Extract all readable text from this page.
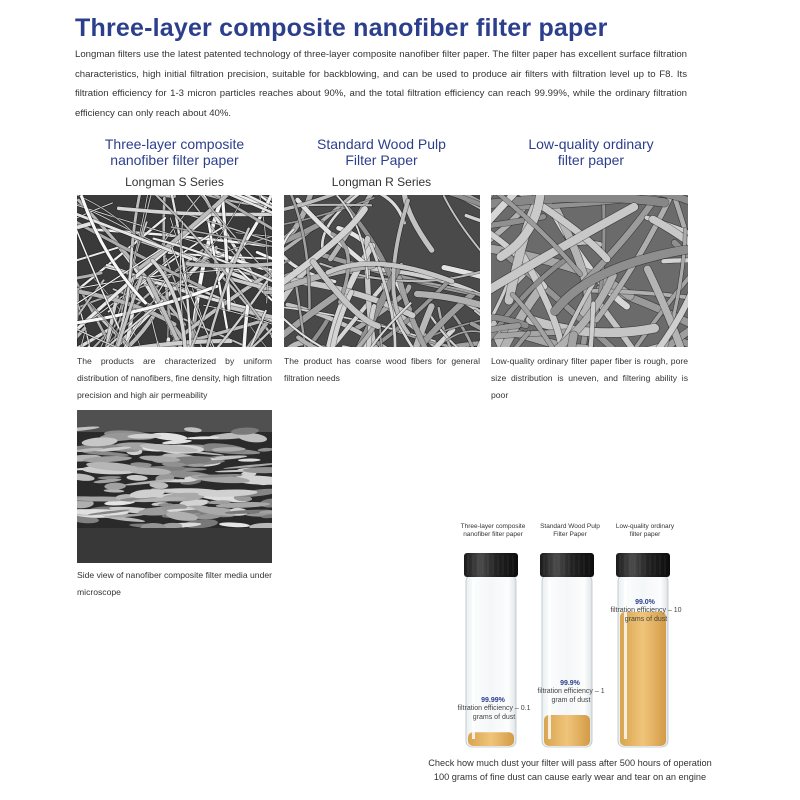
Three-layer composite nanofiber filter paper
Longman filters use the latest patented technology of three-layer composite nanofiber filter paper. The filter paper has excellent surface filtration characteristics, high initial filtration precision, suitable for backblowing, and can be used to produce air filters with filtration level up to F8. Its filtration efficiency for 1-3 micron particles reaches about 90%, and the total filtration efficiency can reach 99.99%, while the ordinary filtration efficiency can only reach about 40%.
Three-layer composite
nanofiber filter paper
Longman S Series
Standard Wood Pulp
Filter Paper
Longman R Series
Low-quality ordinary
filter paper
The products are characterized by uniform distribution of nanofibers, fine density, high filtration precision and high air permeability
The product has coarse wood fibers for general filtration needs
Low-quality ordinary filter paper fiber is rough, pore size distribution is uneven, and filtering ability is poor
Side view of nanofiber composite filter media under microscope
Three-layer composite
nanofiber filter paper
Standard Wood Pulp
Filter Paper
Low-quality ordinary
filter paper
99.99%
filtration efficiency – 0.1
grams of dust
99.9%
filtration efficiency – 1
gram of dust
99.0%
filtration efficiency – 10
grams of dust
Check how much dust your filter will pass after 500 hours of operation
100 grams of fine dust can cause early wear and tear on an engine
